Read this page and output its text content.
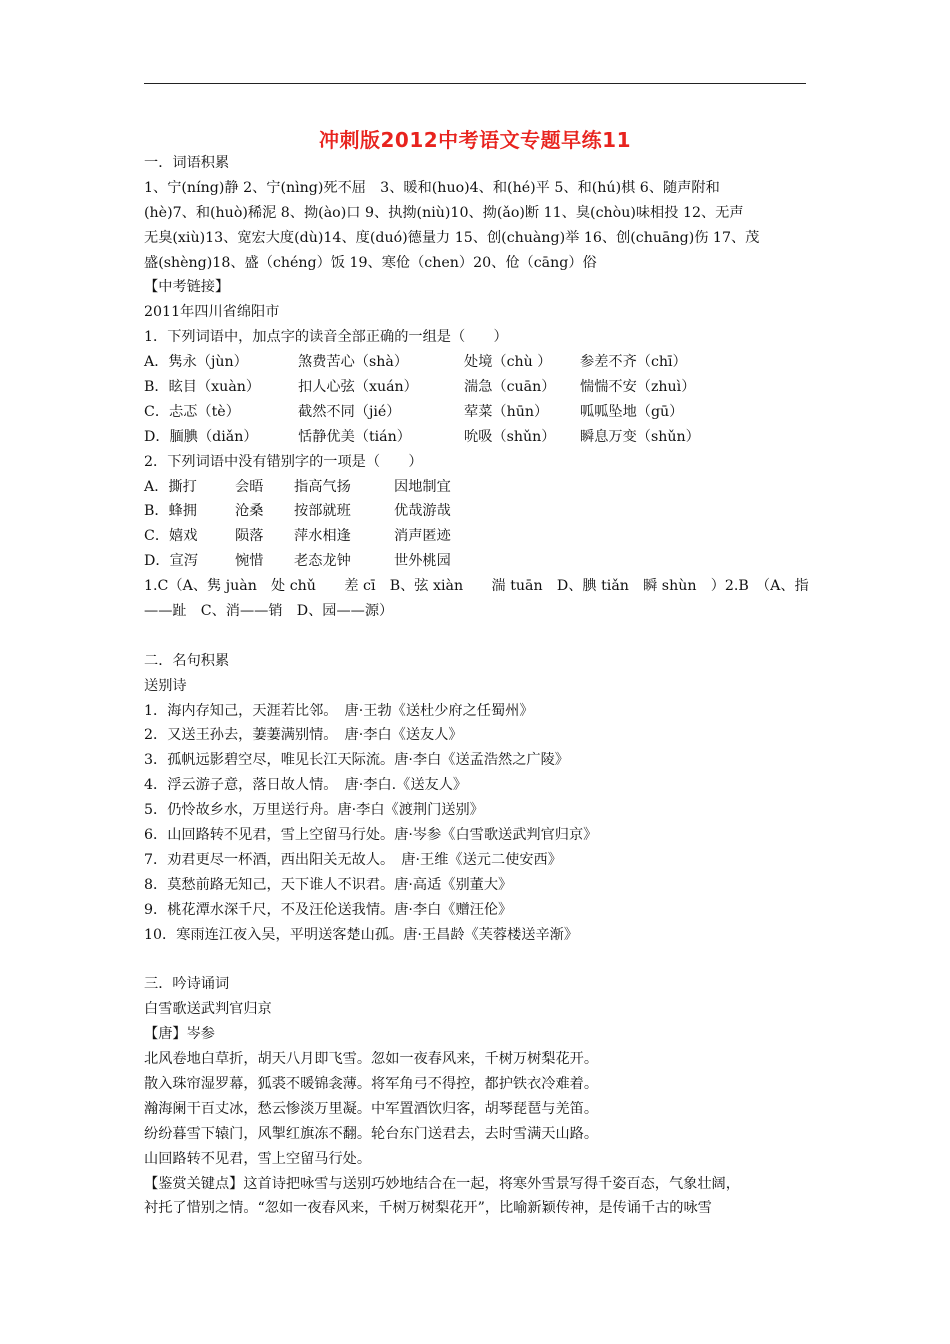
冲刺版2012中考语文专题早练11
一．词语积累
1、宁(níng)静 2、宁(nìng)死不屈　3、暖和(huo)4、和(hé)平 5、和(hú)棋 6、随声附和
(hè)7、和(huò)稀泥 8、拗(ào)口 9、执拗(niù)10、拗(ǎo)断 11、臭(chòu)味相投 12、无声
无臭(xiù)13、宽宏大度(dù)14、度(duó)德量力 15、创(chuàng)举 16、创(chuāng)伤 17、茂
盛(shèng)18、盛（chéng）饭 19、寒伧（chen）20、伧（cāng）俗
【中考链接】
2011年四川省绵阳市
1．下列词语中，加点字的读音全部正确的一组是（　　）
A．隽永（jùn）	煞费苦心（shà）	处境（chù ）	参差不齐（chī）
B．眩目（xuàn）	扣人心弦（xuán）	湍急（cuān）	惴惴不安（zhuì）
C．忐忑（tè）	截然不同（jié）	荤菜（hūn）	呱呱坠地（gū）
D．腼腆（diǎn）	恬静优美（tián）	吮吸（shǔn）	瞬息万变（shǔn）
2．下列词语中没有错别字的一项是（　　）
A．撕打	会晤	指高气扬	因地制宜
B．蜂拥	沧桑	按部就班	优哉游哉
C．嬉戏	陨落	萍水相逢	消声匿迹
D．宣泻	惋惜	老态龙钟	世外桃园
1.C（A、隽 juàn　处 chǔ　　差 cī　B、弦 xiàn　　湍 tuān　D、腆 tiǎn　瞬 shùn　）2.B　（A、指
——趾　C、消——销　D、园——源）
二．名句积累
送别诗
1．海内存知己，天涯若比邻。　唐·王勃《送杜少府之任蜀州》
2．又送王孙去，萋萋满别情。　唐·李白《送友人》
3．孤帆远影碧空尽，唯见长江天际流。唐·李白《送孟浩然之广陵》
4．浮云游子意，落日故人情。　唐·李白.《送友人》
5．仍怜故乡水，万里送行舟。唐·李白《渡荆门送别》
6．山回路转不见君，雪上空留马行处。唐·岑参《白雪歌送武判官归京》
7．劝君更尽一杯酒，西出阳关无故人。　唐·王维《送元二使安西》
8．莫愁前路无知己，天下谁人不识君。唐·高适《别董大》
9．桃花潭水深千尺，不及汪伦送我情。唐·李白《赠汪伦》
10．寒雨连江夜入吴，平明送客楚山孤。唐·王昌龄《芙蓉楼送辛渐》
三．吟诗诵词
白雪歌送武判官归京
【唐】岑参
北风卷地白草折，胡天八月即飞雪。忽如一夜春风来，千树万树梨花开。
散入珠帘湿罗幕，狐裘不暖锦衾薄。将军角弓不得控，都护铁衣冷难着。
瀚海阑干百丈冰，愁云惨淡万里凝。中军置酒饮归客，胡琴琵琶与羌笛。
纷纷暮雪下辕门，风掣红旗冻不翻。轮台东门送君去，去时雪满天山路。
山回路转不见君，雪上空留马行处。
【鉴赏关键点】这首诗把咏雪与送别巧妙地结合在一起，将寒外雪景写得千姿百态，气象壮阔，
衬托了惜别之情。“忽如一夜春风来，千树万树梨花开”，比喻新颖传神，是传诵千古的咏雪
